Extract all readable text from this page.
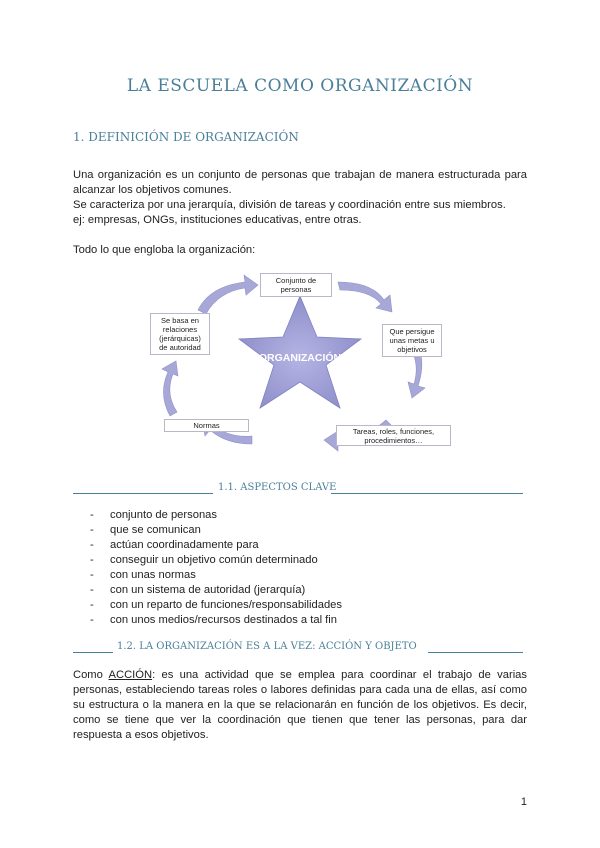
LA ESCUELA COMO ORGANIZACIÓN
1. DEFINICIÓN DE ORGANIZACIÓN
Una organización es un conjunto de personas que trabajan de manera estructurada para
alcanzar los objetivos comunes.
Se caracteriza por una jerarquía, división de tareas y coordinación entre sus miembros.
ej: empresas, ONGs, instituciones educativas, entre otras.
Todo lo que engloba la organización:
ORGANIZACIÓN
Conjunto de
personas
Que persigue
unas metas u
objetivos
Tareas, roles, funciones,
procedimientos…
Normas
Se basa en
relaciones
(jerárquicas)
de autoridad
1.1. ASPECTOS CLAVE
- conjunto de personas
- que se comunican
- actúan coordinadamente para
- conseguir un objetivo común determinado
- con unas normas
- con un sistema de autoridad (jerarquía)
- con un reparto de funciones/responsabilidades
- con unos medios/recursos destinados a tal fin
1.2. LA ORGANIZACIÓN ES A LA VEZ: ACCIÓN Y OBJETO
Como ACCIÓN: es una actividad que se emplea para coordinar el trabajo de varias
personas, estableciendo tareas roles o labores definidas para cada una de ellas, así como
su estructura o la manera en la que se relacionarán en función de los objetivos. Es decir,
como se tiene que ver la coordinación que tienen que tener las personas, para dar
respuesta a esos objetivos.
1
